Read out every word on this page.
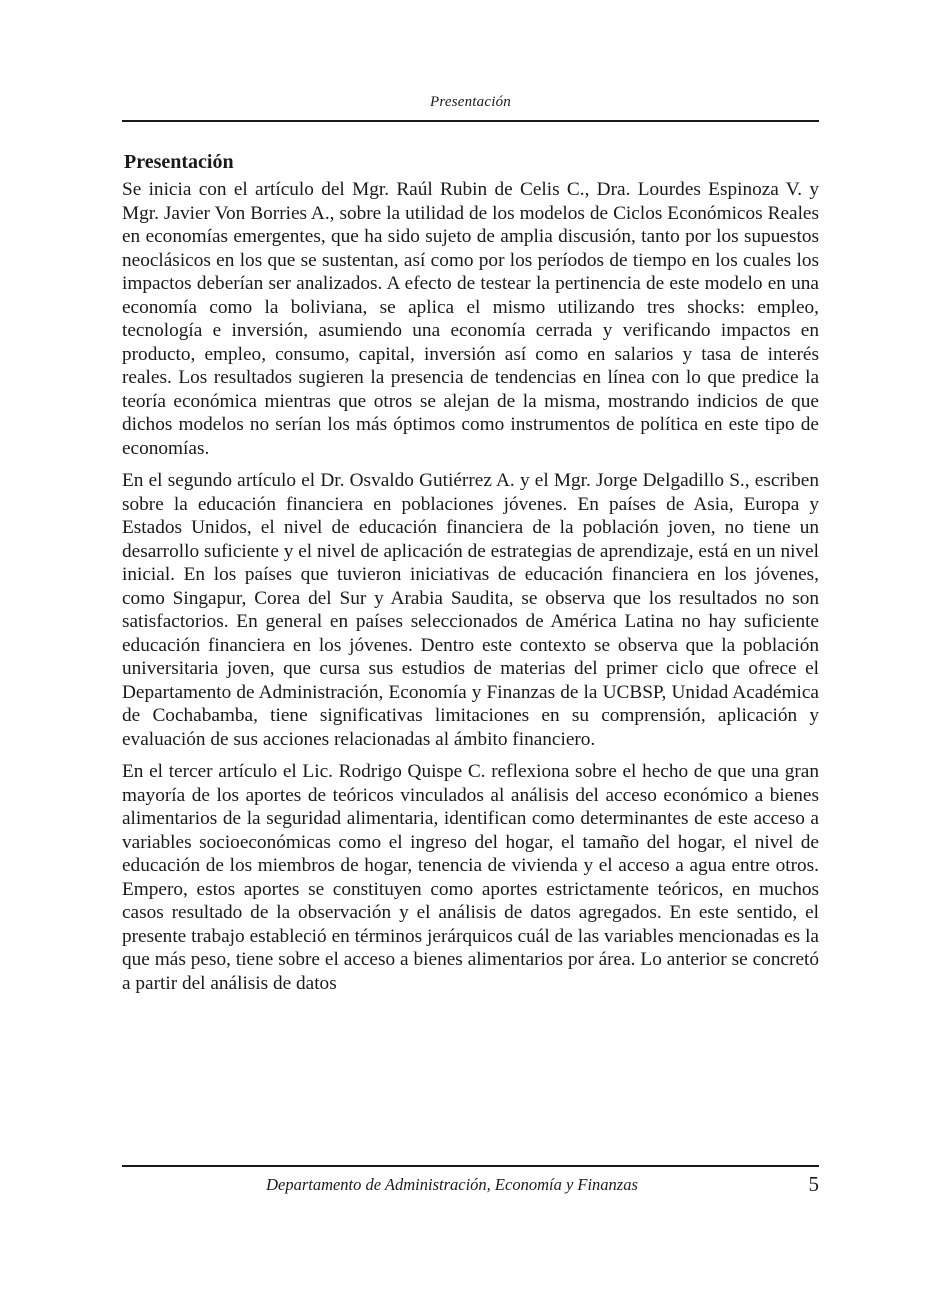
Presentación
Presentación

Se inicia con el artículo del Mgr. Raúl Rubin de Celis C., Dra. Lourdes Espinoza V. y Mgr. Javier Von Borries A., sobre la utilidad de los modelos de Ciclos Económicos Reales en economías emergentes, que ha sido sujeto de amplia discusión, tanto por los supuestos neoclásicos en los que se sustentan, así como por los períodos de tiempo en los cuales los impactos deberían ser analizados. A efecto de testear la pertinencia de este modelo en una economía como la boliviana, se aplica el mismo utilizando tres shocks: empleo, tecnología e inversión, asumiendo una economía cerrada y verificando impactos en producto, empleo, consumo, capital, inversión así como en salarios y tasa de interés reales. Los resultados sugieren la presencia de tendencias en línea con lo que predice la teoría económica mientras que otros se alejan de la misma, mostrando indicios de que dichos modelos no serían los más óptimos como instrumentos de política en este tipo de economías.

En el segundo artículo el Dr. Osvaldo Gutiérrez A. y el Mgr. Jorge Delgadillo S., escriben sobre la educación financiera en poblaciones jóvenes. En países de Asia, Europa y Estados Unidos, el nivel de educación financiera de la población joven, no tiene un desarrollo suficiente y el nivel de aplicación de estrategias de aprendizaje, está en un nivel inicial. En los países que tuvieron iniciativas de educación financiera en los jóvenes, como Singapur, Corea del Sur y Arabia Saudita, se observa que los resultados no son satisfactorios. En general en países seleccionados de América Latina no hay suficiente educación financiera en los jóvenes. Dentro este contexto se observa que la población universitaria joven, que cursa sus estudios de materias del primer ciclo que ofrece el Departamento de Administración, Economía y Finanzas de la UCBSP, Unidad Académica de Cochabamba, tiene significativas limitaciones en su comprensión, aplicación y evaluación de sus acciones relacionadas al ámbito financiero.

En el tercer artículo el Lic. Rodrigo Quispe C. reflexiona sobre el hecho de que una gran mayoría de los aportes de teóricos vinculados al análisis del acceso económico a bienes alimentarios de la seguridad alimentaria, identifican como determinantes de este acceso a variables socioeconómicas como el ingreso del hogar, el tamaño del hogar, el nivel de educación de los miembros de hogar, tenencia de vivienda y el acceso a agua entre otros. Empero, estos aportes se constituyen como aportes estrictamente teóricos, en muchos casos resultado de la observación y el análisis de datos agregados. En este sentido, el presente trabajo estableció en términos jerárquicos cuál de las variables mencionadas es la que más peso, tiene sobre el acceso a bienes alimentarios por área. Lo anterior se concretó a partir del análisis de datos

Departamento de Administración, Economía y Finanzas	5
